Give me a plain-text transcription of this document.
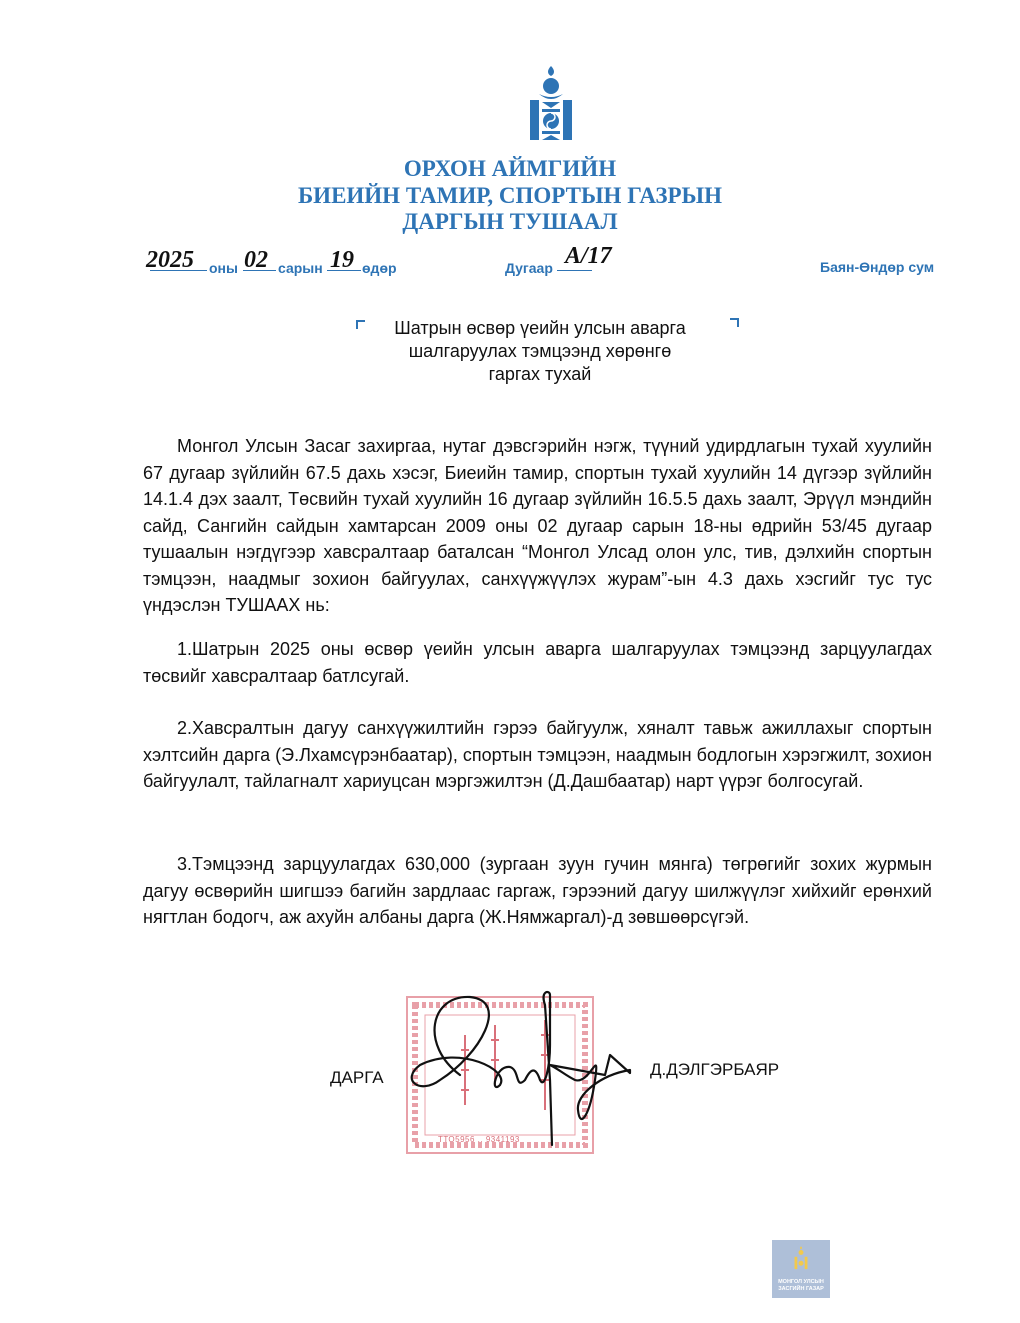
ОРХОН АЙМГИЙН
БИЕИЙН ТАМИР, СПОРТЫН ГАЗРЫН
ДАРГЫН ТУШААЛ
2025 оны 02 сарын 19 өдөр	Дугаар А/17	Баян-Өндөр сум
Шатрын өсвөр үеийн улсын аварга
шалгаруулах тэмцээнд хөрөнгө
гаргах тухай
Монгол Улсын Засаг захиргаа, нутаг дэвсгэрийн нэгж, түүний удирдлагын тухай хуулийн 67 дугаар зүйлийн 67.5 дахь хэсэг, Биеийн тамир, спортын тухай хуулийн 14 дүгээр зүйлийн 14.1.4 дэх заалт, Төсвийн тухай хуулийн 16 дугаар зүйлийн 16.5.5 дахь заалт, Эрүүл мэндийн сайд, Сангийн сайдын хамтарсан 2009 оны 02 дугаар сарын 18-ны өдрийн 53/45 дугаар тушаалын нэгдүгээр хавсралтаар баталсан “Монгол Улсад олон улс, тив, дэлхийн спортын тэмцээн, наадмыг зохион байгуулах, санхүүжүүлэх журам”-ын 4.3 дахь хэсгийг тус тус үндэслэн ТУШААХ нь:
1.Шатрын 2025 оны өсвөр үеийн улсын аварга шалгаруулах тэмцээнд зарцуулагдах төсвийг хавсралтаар батлсугай.
2.Хавсралтын дагуу санхүүжилтийн гэрээ байгуулж, хяналт тавьж ажиллахыг спортын хэлтсийн дарга (Э.Лхамсүрэнбаатар), спортын тэмцээн, наадмын бодлогын хэрэгжилт, зохион байгуулалт, тайлагналт хариуцсан мэргэжилтэн (Д.Дашбаатар) нарт үүрэг болгосугай.
3.Тэмцээнд зарцуулагдах 630,000 (зургаан зуун гучин мянга) төгрөгийг зохих журмын дагуу өсвөрийн шигшээ багийн зардлаас гаргаж, гэрээний дагуу шилжүүлэг хийхийг ерөнхий нягтлан бодогч, аж ахуйн албаны дарга (Ж.Нямжаргал)-д зөвшөөрсүгэй.
ТТО5956 .. 9341193
ДАРГА	Д.ДЭЛГЭРБАЯР
МОНГОЛ УЛСЫН
ЗАСГИЙН ГАЗАР
